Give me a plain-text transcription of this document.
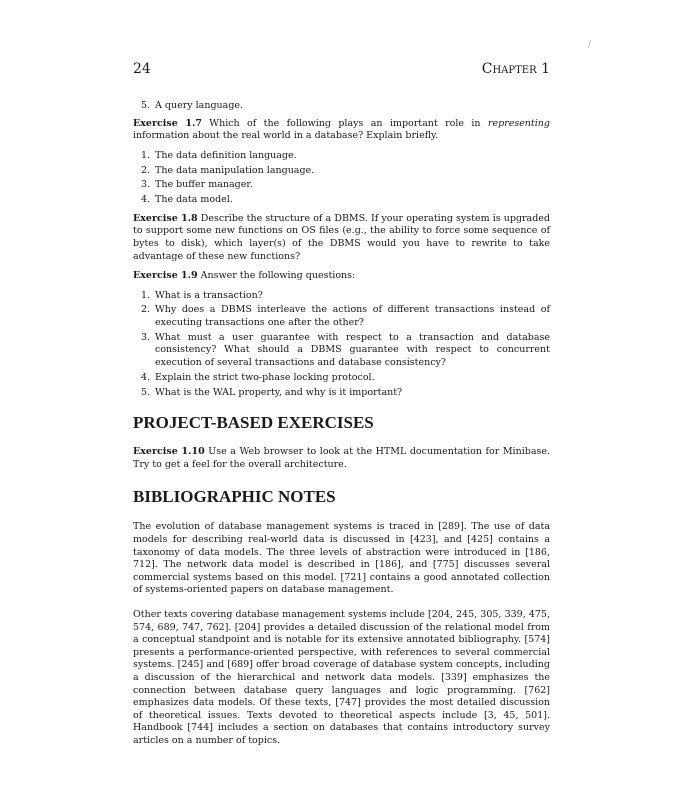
/
24	Chapter 1
5. A query language.

Exercise 1.7 Which of the following plays an important role in representing information about the real world in a database? Explain briefly.

1. The data definition language.
2. The data manipulation language.
3. The buffer manager.
4. The data model.

Exercise 1.8 Describe the structure of a DBMS. If your operating system is upgraded to support some new functions on OS files (e.g., the ability to force some sequence of bytes to disk), which layer(s) of the DBMS would you have to rewrite to take advantage of these new functions?

Exercise 1.9 Answer the following questions:

1. What is a transaction?
2. Why does a DBMS interleave the actions of different transactions instead of executing transactions one after the other?
3. What must a user guarantee with respect to a transaction and database consistency? What should a DBMS guarantee with respect to concurrent execution of several transactions and database consistency?
4. Explain the strict two-phase locking protocol.
5. What is the WAL property, and why is it important?
PROJECT-BASED EXERCISES

Exercise 1.10 Use a Web browser to look at the HTML documentation for Minibase. Try to get a feel for the overall architecture.

BIBLIOGRAPHIC NOTES

The evolution of database management systems is traced in [289]. The use of data models for describing real-world data is discussed in [423], and [425] contains a taxonomy of data models. The three levels of abstraction were introduced in [186, 712]. The network data model is described in [186], and [775] discusses several commercial systems based on this model. [721] contains a good annotated collection of systems-oriented papers on database management.

Other texts covering database management systems include [204, 245, 305, 339, 475, 574, 689, 747, 762]. [204] provides a detailed discussion of the relational model from a conceptual standpoint and is notable for its extensive annotated bibliography. [574] presents a performance-oriented perspective, with references to several commercial systems. [245] and [689] offer broad coverage of database system concepts, including a discussion of the hierarchical and network data models. [339] emphasizes the connection between database query languages and logic programming. [762] emphasizes data models. Of these texts, [747] provides the most detailed discussion of theoretical issues. Texts devoted to theoretical aspects include [3, 45, 501]. Handbook [744] includes a section on databases that contains introductory survey articles on a number of topics.
